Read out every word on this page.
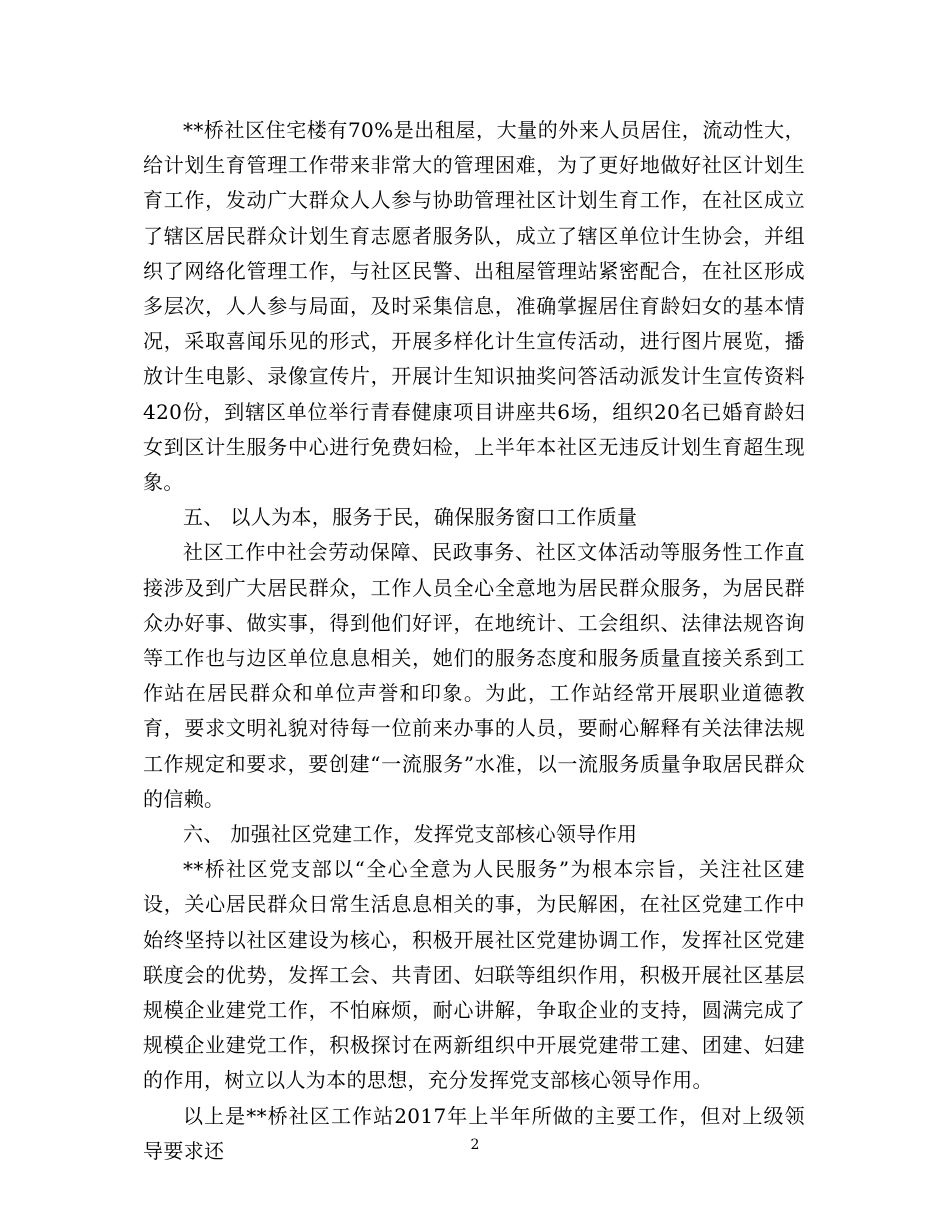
**桥社区住宅楼有70%是出租屋，大量的外来人员居住，流动性大，给计划生育管理工作带来非常大的管理困难，为了更好地做好社区计划生育工作，发动广大群众人人参与协助管理社区计划生育工作，在社区成立了辖区居民群众计划生育志愿者服务队，成立了辖区单位计生协会，并组织了网络化管理工作，与社区民警、出租屋管理站紧密配合，在社区形成多层次，人人参与局面，及时采集信息，准确掌握居住育龄妇女的基本情况，采取喜闻乐见的形式，开展多样化计生宣传活动，进行图片展览，播放计生电影、录像宣传片，开展计生知识抽奖问答活动派发计生宣传资料420份，到辖区单位举行青春健康项目讲座共6场，组织20名已婚育龄妇女到区计生服务中心进行免费妇检，上半年本社区无违反计划生育超生现象。

五、 以人为本，服务于民，确保服务窗口工作质量

社区工作中社会劳动保障、民政事务、社区文体活动等服务性工作直接涉及到广大居民群众，工作人员全心全意地为居民群众服务，为居民群众办好事、做实事，得到他们好评，在地统计、工会组织、法律法规咨询等工作也与边区单位息息相关，她们的服务态度和服务质量直接关系到工作站在居民群众和单位声誉和印象。为此，工作站经常开展职业道德教育，要求文明礼貌对待每一位前来办事的人员，要耐心解释有关法律法规工作规定和要求，要创建“一流服务”水准，以一流服务质量争取居民群众的信赖。

六、 加强社区党建工作，发挥党支部核心领导作用

**桥社区党支部以“全心全意为人民服务”为根本宗旨，关注社区建设，关心居民群众日常生活息息相关的事，为民解困，在社区党建工作中始终坚持以社区建设为核心，积极开展社区党建协调工作，发挥社区党建联度会的优势，发挥工会、共青团、妇联等组织作用，积极开展社区基层规模企业建党工作，不怕麻烦，耐心讲解，争取企业的支持，圆满完成了规模企业建党工作，积极探讨在两新组织中开展党建带工建、团建、妇建的作用，树立以人为本的思想，充分发挥党支部核心领导作用。

以上是**桥社区工作站2017年上半年所做的主要工作，但对上级领导要求还	2
